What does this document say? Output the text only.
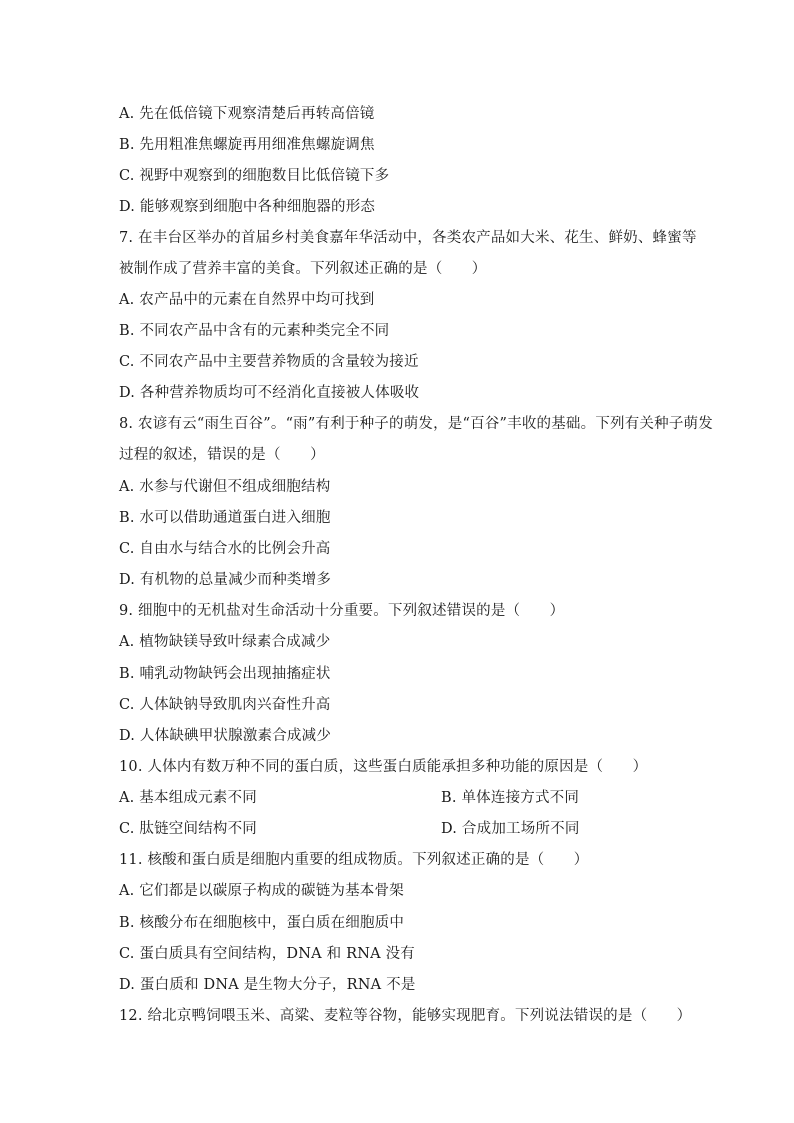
A. 先在低倍镜下观察清楚后再转高倍镜
B. 先用粗准焦螺旋再用细准焦螺旋调焦
C. 视野中观察到的细胞数目比低倍镜下多
D. 能够观察到细胞中各种细胞器的形态
7. 在丰台区举办的首届乡村美食嘉年华活动中，各类农产品如大米、花生、鲜奶、蜂蜜等
被制作成了营养丰富的美食。下列叙述正确的是（　　）
A. 农产品中的元素在自然界中均可找到
B. 不同农产品中含有的元素种类完全不同
C. 不同农产品中主要营养物质的含量较为接近
D. 各种营养物质均可不经消化直接被人体吸收
8. 农谚有云“雨生百谷”。“雨”有利于种子的萌发，是“百谷”丰收的基础。下列有关种子萌发
过程的叙述，错误的是（　　）
A. 水参与代谢但不组成细胞结构
B. 水可以借助通道蛋白进入细胞
C. 自由水与结合水的比例会升高
D. 有机物的总量减少而种类增多
9. 细胞中的无机盐对生命活动十分重要。下列叙述错误的是（　　）
A. 植物缺镁导致叶绿素合成减少
B. 哺乳动物缺钙会出现抽搐症状
C. 人体缺钠导致肌肉兴奋性升高
D. 人体缺碘甲状腺激素合成减少
10. 人体内有数万种不同的蛋白质，这些蛋白质能承担多种功能的原因是（　　）
A. 基本组成元素不同	B. 单体连接方式不同
C. 肽链空间结构不同	D. 合成加工场所不同
11. 核酸和蛋白质是细胞内重要的组成物质。下列叙述正确的是（　　）
A. 它们都是以碳原子构成的碳链为基本骨架
B. 核酸分布在细胞核中，蛋白质在细胞质中
C. 蛋白质具有空间结构，DNA 和 RNA 没有
D. 蛋白质和 DNA 是生物大分子，RNA 不是
12. 给北京鸭饲喂玉米、高粱、麦粒等谷物，能够实现肥育。下列说法错误的是（　　）
